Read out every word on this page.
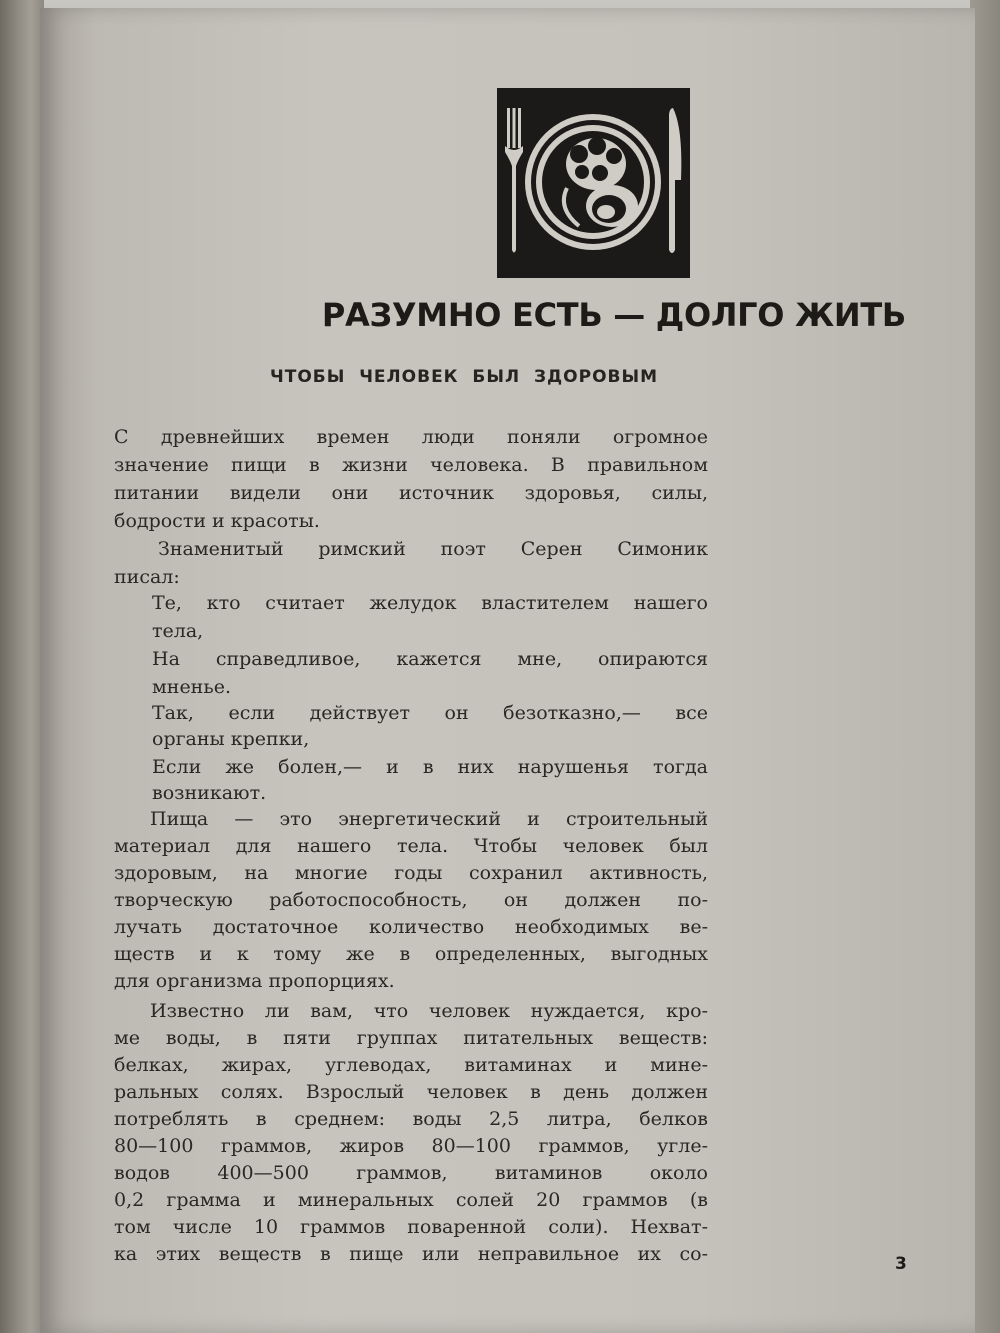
РАЗУМНО ЕСТЬ — ДОЛГО ЖИТЬ
ЧТОБЫ  ЧЕЛОВЕК  БЫЛ  ЗДОРОВЫМ
С древнейших времен люди поняли огромное
значение пищи в жизни человека. В правильном
питании видели они источник здоровья, силы,
бодрости и красоты.
Знаменитый римский поэт Серен Симоник
писал:
Те, кто считает желудок властителем нашего
тела,
На справедливое, кажется мне, опираются
мненье.
Так, если действует он безотказно,— все
органы крепки,
Если же болен,— и в них нарушенья тогда
возникают.
Пища — это энергетический и строительный
материал для нашего тела. Чтобы человек был
здоровым, на многие годы сохранил активность,
творческую работоспособность, он должен по-
лучать достаточное количество необходимых ве-
ществ и к тому же в определенных, выгодных
для организма пропорциях.
Известно ли вам, что человек нуждается, кро-
ме воды, в пяти группах питательных веществ:
белках, жирах, углеводах, витаминах и мине-
ральных солях. Взрослый человек в день должен
потреблять в среднем: воды 2,5 литра, белков
80—100 граммов, жиров 80—100 граммов, угле-
водов 400—500 граммов, витаминов около
0,2 грамма и минеральных солей 20 граммов (в
том числе 10 граммов поваренной соли). Нехват-
ка этих веществ в пище или неправильное их со-	3
